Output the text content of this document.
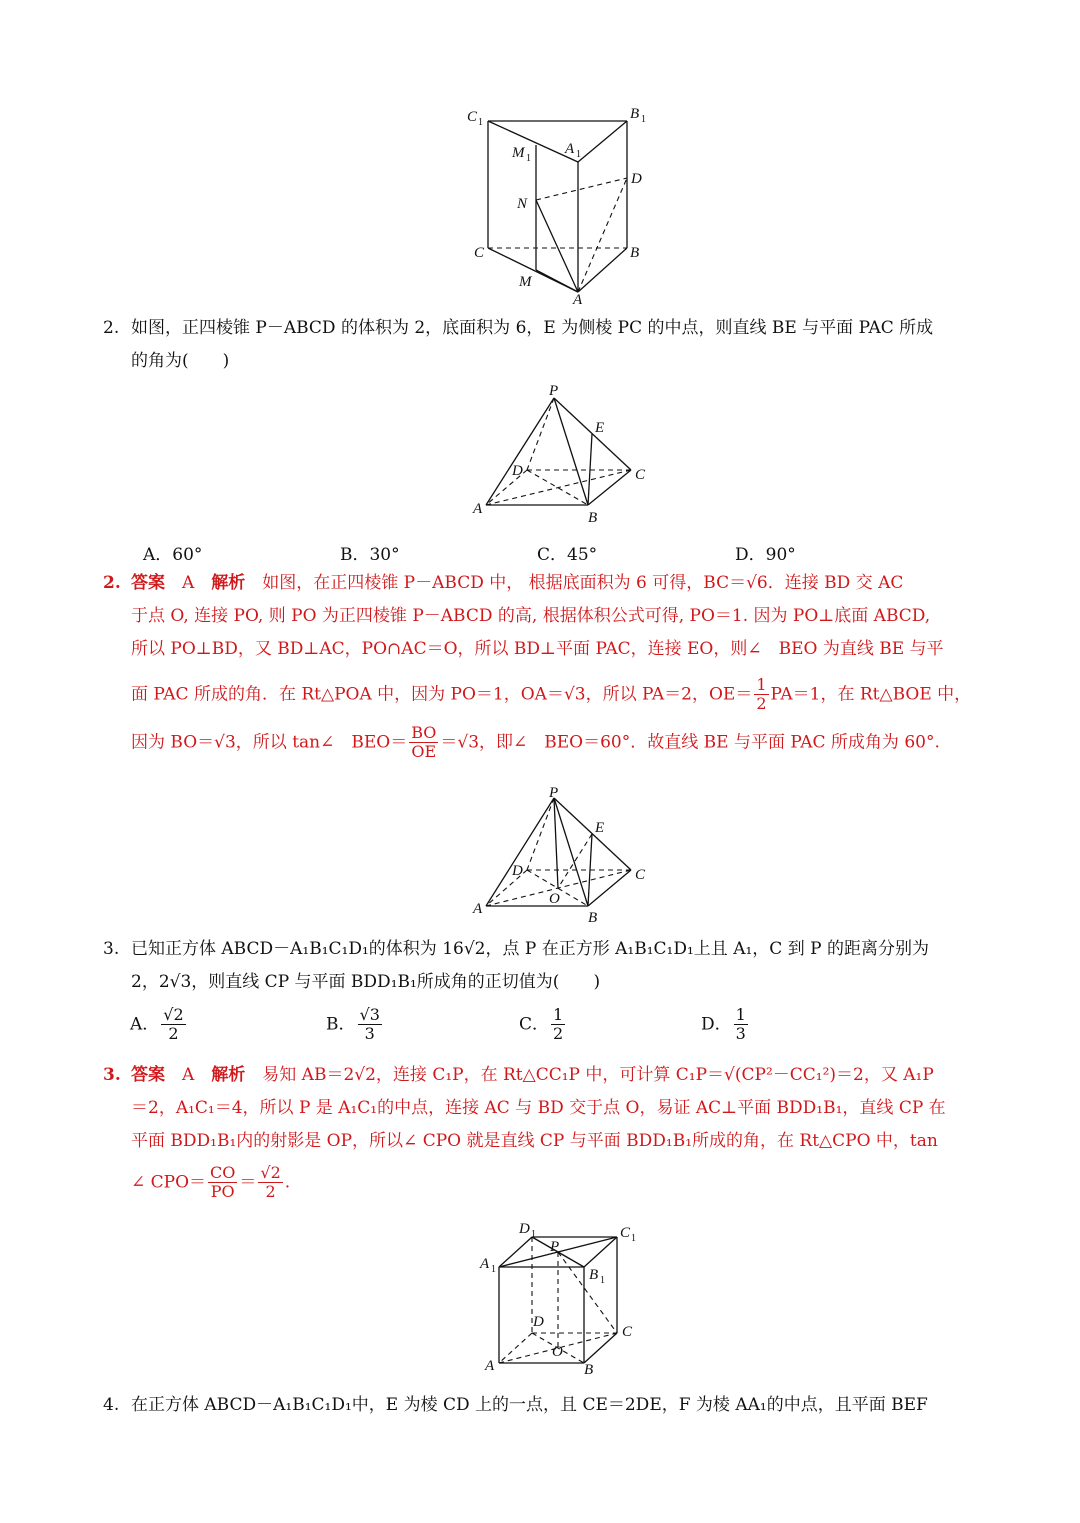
C 1
B 1
A 1
M 1
D
N
C	B
M
A
2. 如图，正四棱锥 P－ABCD 的体积为 2，底面积为 6，E 为侧棱 PC 的中点，则直线 BE 与平面 PAC 所成
的角为(　　)
P
E
D	C
A
B
A．60°	B．30°	C．45°	D．90°
2. 答案　 A　 解析　 如图，在正四棱锥 P－ABCD 中， 根据底面积为 6 可得，BC＝√6．连接 BD 交 AC
于点 O, 连接 PO, 则 PO 为正四棱锥 P－ABCD 的高, 根据体积公式可得, PO＝1. 因为 PO⊥底面 ABCD,
所以 PO⊥BD，又 BD⊥AC，PO∩AC＝O，所以 BD⊥平面 PAC，连接 EO，则∠　BEO 为直线 BE 与平
面 PAC 所成的角．在 Rt△POA 中，因为 PO＝1，OA＝√3，所以 PA＝2，$OE= \frac{1}{2} PA=1$，在 Rt△BOE 中，
因为 BO＝√3，所以 tan∠　$BEO= \frac{BO}{OE} =√3$，即∠　BEO＝60°．故直线 BE 与平面 PAC 所成角为 60°.
P
E
D	C
O
A
B
3. 已知正方体 ABCD－A₁B₁C₁D₁的体积为 16√2，点 P 在正方形 A₁B₁C₁D₁上且 A₁，C 到 P 的距离分别为
2，2√3，则直线 CP 与平面 BDD₁B₁所成角的正切值为(　　)
A． $\frac{√2}{2}$	B． $\frac{√3}{3}$	C． $\frac{1}{2}$	D． $\frac{1}{3}$
3. 答案　 A　 解析　 易知 AB＝2√2，连接 C₁P，在 Rt△CC₁P 中，可计算 C₁P＝√(CP²－CC₁²)＝2，又 A₁P
＝2，A₁C₁＝4，所以 P 是 A₁C₁的中点，连接 AC 与 BD 交于点 O，易证 AC⊥平面 BDD₁B₁，直线 CP 在
平面 BDD₁B₁内的射影是 OP，所以∠ CPO 就是直线 CP 与平面 BDD₁B₁所成的角，在 Rt△CPO 中，tan
∠ $CPO= \frac{CO}{PO} = \frac{√2}{2}$ .
D 1	C 1
P
A 1	B 1
D
C
O
A	B
4. 在正方体 ABCD－A₁B₁C₁D₁中，E 为棱 CD 上的一点，且 CE＝2DE，F 为棱 AA₁的中点，且平面 BEF
